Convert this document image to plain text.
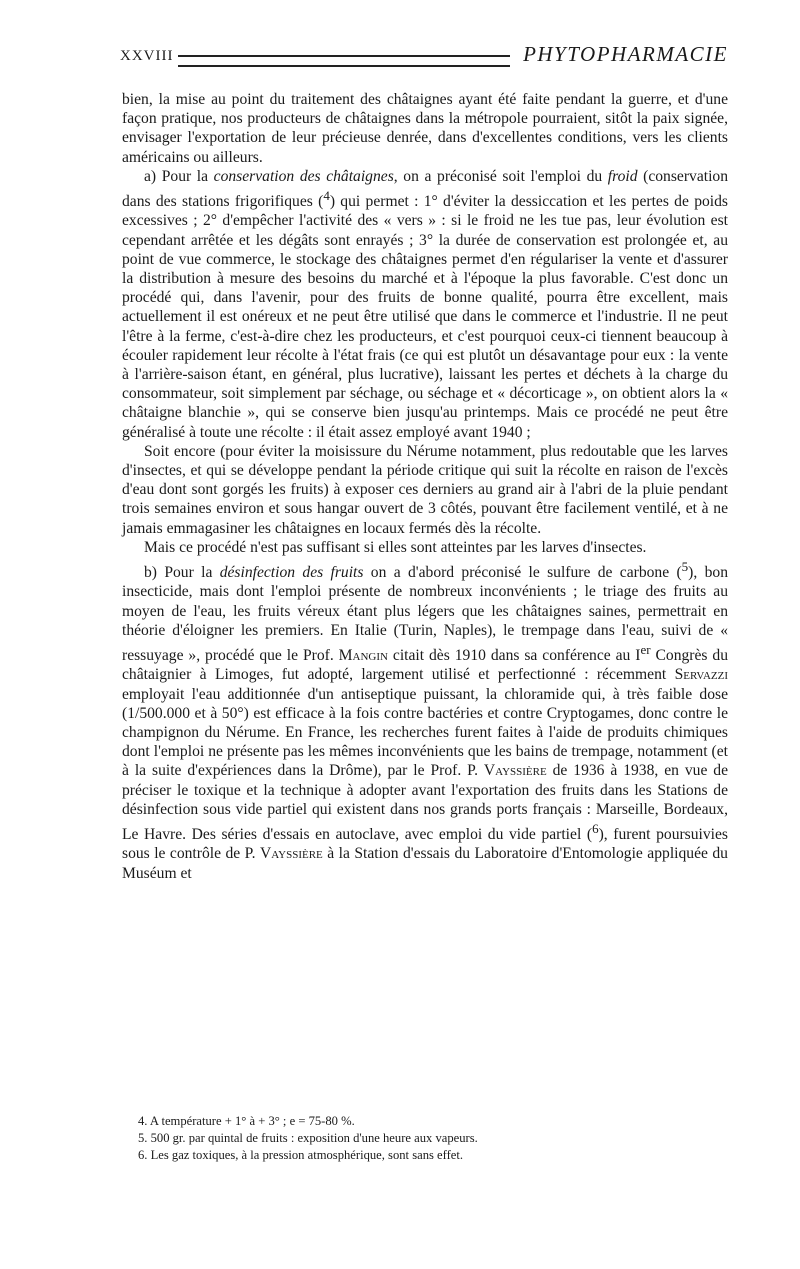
XXVIII	PHYTOPHARMACIE

bien, la mise au point du traitement des châtaignes ayant été faite pendant la guerre, et d'une façon pratique, nos producteurs de châtaignes dans la métropole pourraient, sitôt la paix signée, envisager l'exportation de leur précieuse denrée, dans d'excellentes conditions, vers les clients américains ou ailleurs.

a) Pour la conservation des châtaignes, on a préconisé soit l'emploi du froid (conservation dans des stations frigorifiques ($^4$) qui permet : 1° d'éviter la dessiccation et les pertes de poids excessives ; 2° d'empêcher l'activité des « vers » : si le froid ne les tue pas, leur évolution est cependant arrêtée et les dégâts sont enrayés ; 3° la durée de conservation est prolongée et, au point de vue commerce, le stockage des châtaignes permet d'en régulariser la vente et d'assurer la distribution à mesure des besoins du marché et à l'époque la plus favorable. C'est donc un procédé qui, dans l'avenir, pour des fruits de bonne qualité, pourra être excellent, mais actuellement il est onéreux et ne peut être utilisé que dans le commerce et l'industrie. Il ne peut l'être à la ferme, c'est-à-dire chez les producteurs, et c'est pourquoi ceux-ci tiennent beaucoup à écouler rapidement leur récolte à l'état frais (ce qui est plutôt un désavantage pour eux : la vente à l'arrière-saison étant, en général, plus lucrative), laissant les pertes et déchets à la charge du consommateur, soit simplement par séchage, ou séchage et « décorticage », on obtient alors la « châtaigne blanchie », qui se conserve bien jusqu'au printemps. Mais ce procédé ne peut être généralisé à toute une récolte : il était assez employé avant 1940 ;

Soit encore (pour éviter la moisissure du Nérume notamment, plus redoutable que les larves d'insectes, et qui se développe pendant la période critique qui suit la récolte en raison de l'excès d'eau dont sont gorgés les fruits) à exposer ces derniers au grand air à l'abri de la pluie pendant trois semaines environ et sous hangar ouvert de 3 côtés, pouvant être facilement ventilé, et à ne jamais emmagasiner les châtaignes en locaux fermés dès la récolte.

Mais ce procédé n'est pas suffisant si elles sont atteintes par les larves d'insectes.

b) Pour la désinfection des fruits on a d'abord préconisé le sulfure de carbone ($^5$), bon insecticide, mais dont l'emploi présente de nombreux inconvénients ; le triage des fruits au moyen de l'eau, les fruits véreux étant plus légers que les châtaignes saines, permettrait en théorie d'éloigner les premiers. En Italie (Turin, Naples), le trempage dans l'eau, suivi de « ressuyage », procédé que le Prof. Mangin citait dès 1910 dans sa conférence au Ier Congrès du châtaignier à Limoges, fut adopté, largement utilisé et perfectionné : récemment Servazzi employait l'eau additionnée d'un antiseptique puissant, la chloramide qui, à très faible dose (1/500.000 et à 50°) est efficace à la fois contre bactéries et contre Cryptogames, donc contre le champignon du Nérume. En France, les recherches furent faites à l'aide de produits chimiques dont l'emploi ne présente pas les mêmes inconvénients que les bains de trempage, notamment (et à la suite d'expériences dans la Drôme), par le Prof. P. Vayssière de 1936 à 1938, en vue de préciser le toxique et la technique à adopter avant l'exportation des fruits dans les Stations de désinfection sous vide partiel qui existent dans nos grands ports français : Marseille, Bordeaux, Le Havre. Des séries d'essais en autoclave, avec emploi du vide partiel ($^6$), furent poursuivies sous le contrôle de P. Vayssière à la Station d'essais du Laboratoire d'Entomologie appliquée du Muséum et

4. A température + 1° à + 3° ; e = 75-80 %.
5. 500 gr. par quintal de fruits : exposition d'une heure aux vapeurs.
6. Les gaz toxiques, à la pression atmosphérique, sont sans effet.
